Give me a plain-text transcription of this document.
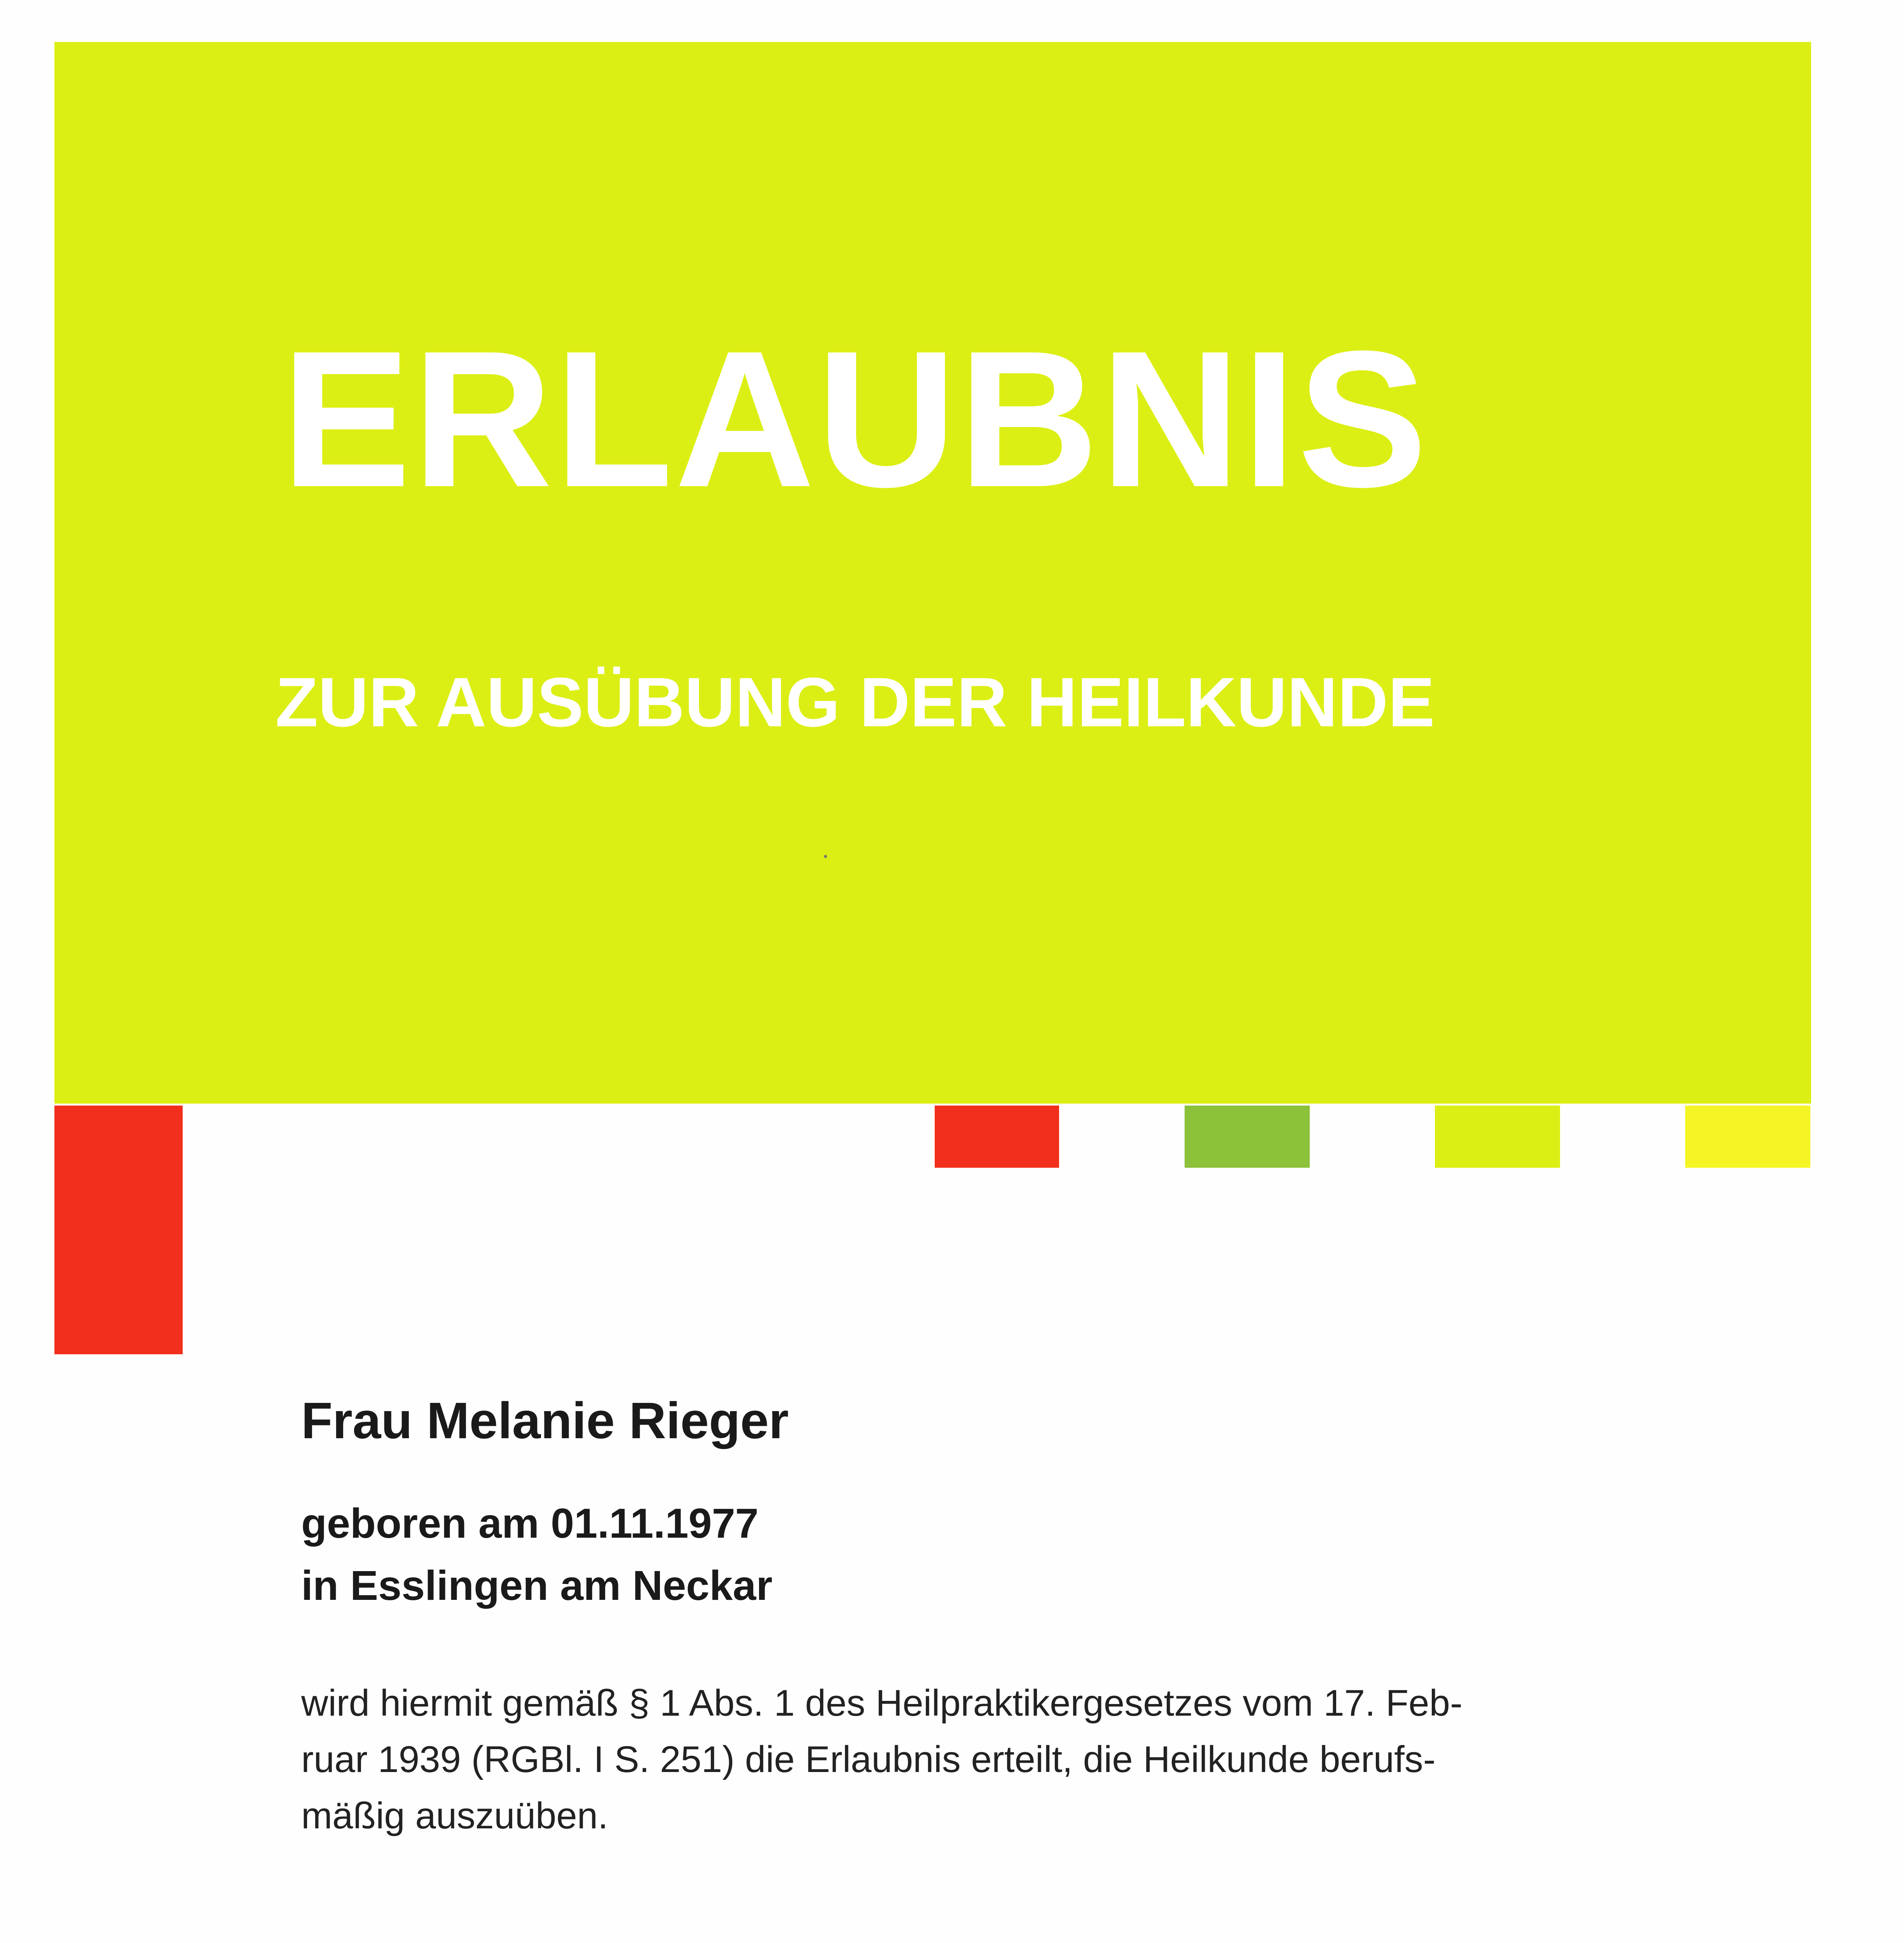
ERLAUBNIS
ZUR AUSÜBUNG DER HEILKUNDE
Frau Melanie Rieger
geboren am 01.11.1977
in Esslingen am Neckar
wird hiermit gemäß § 1 Abs. 1 des Heilpraktikergesetzes vom 17. Feb-
ruar 1939 (RGBl. I S. 251) die Erlaubnis erteilt, die Heilkunde berufs-
mäßig auszuüben.
